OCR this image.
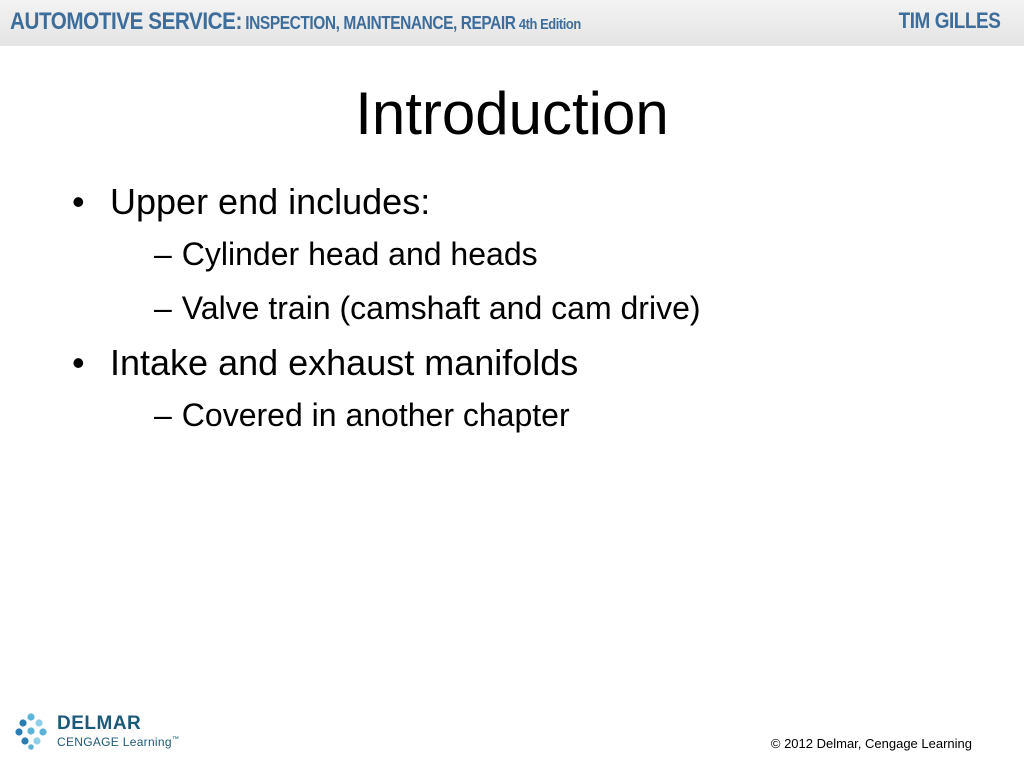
AUTOMOTIVE SERVICE: INSPECTION, MAINTENANCE, REPAIR 4th Edition	TIM GILLES
Introduction
• Upper end includes:
– Cylinder head and heads
– Valve train (camshaft and cam drive)
• Intake and exhaust manifolds
– Covered in another chapter
DELMAR
CENGAGE Learning™	© 2012 Delmar, Cengage Learning
